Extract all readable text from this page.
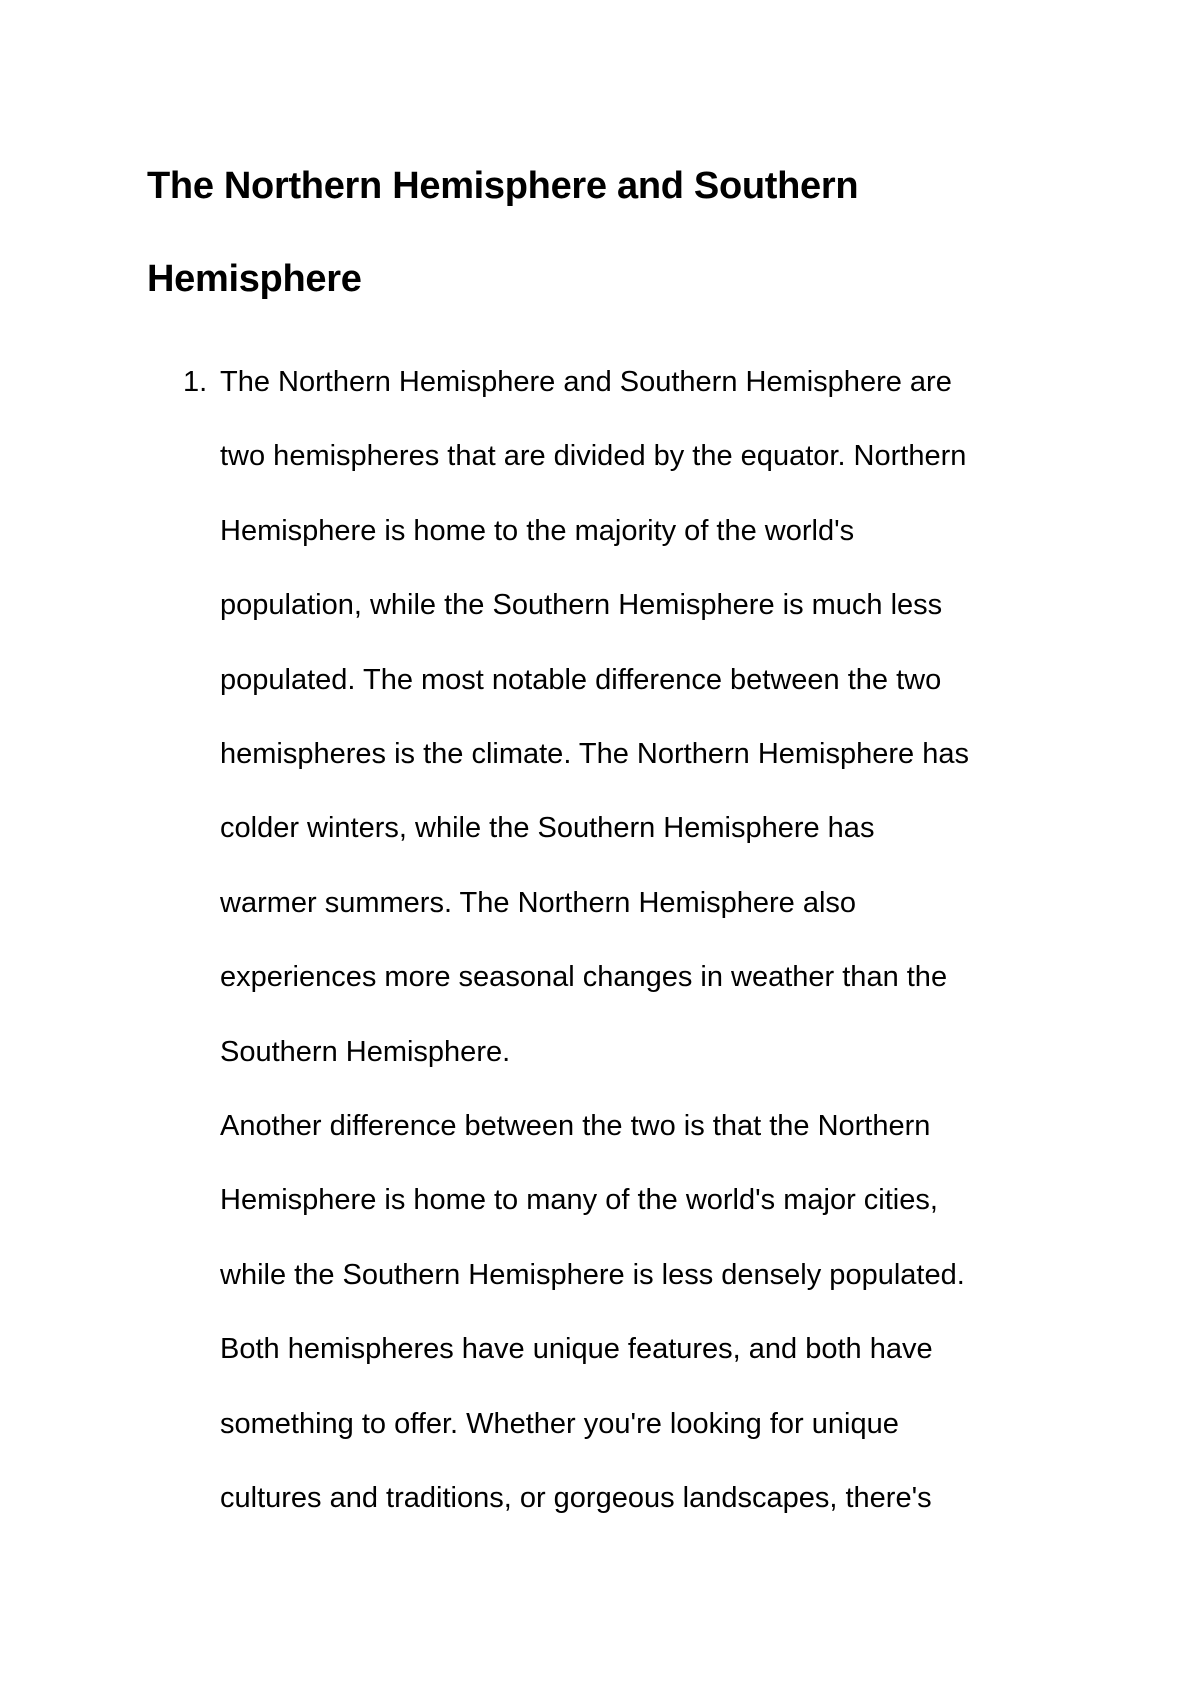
The Northern Hemisphere and Southern
Hemisphere
1. The Northern Hemisphere and Southern Hemisphere are
two hemispheres that are divided by the equator. Northern
Hemisphere is home to the majority of the world's
population, while the Southern Hemisphere is much less
populated. The most notable difference between the two
hemispheres is the climate. The Northern Hemisphere has
colder winters, while the Southern Hemisphere has
warmer summers. The Northern Hemisphere also
experiences more seasonal changes in weather than the
Southern Hemisphere.
Another difference between the two is that the Northern
Hemisphere is home to many of the world's major cities,
while the Southern Hemisphere is less densely populated.
Both hemispheres have unique features, and both have
something to offer. Whether you're looking for unique
cultures and traditions, or gorgeous landscapes, there's
